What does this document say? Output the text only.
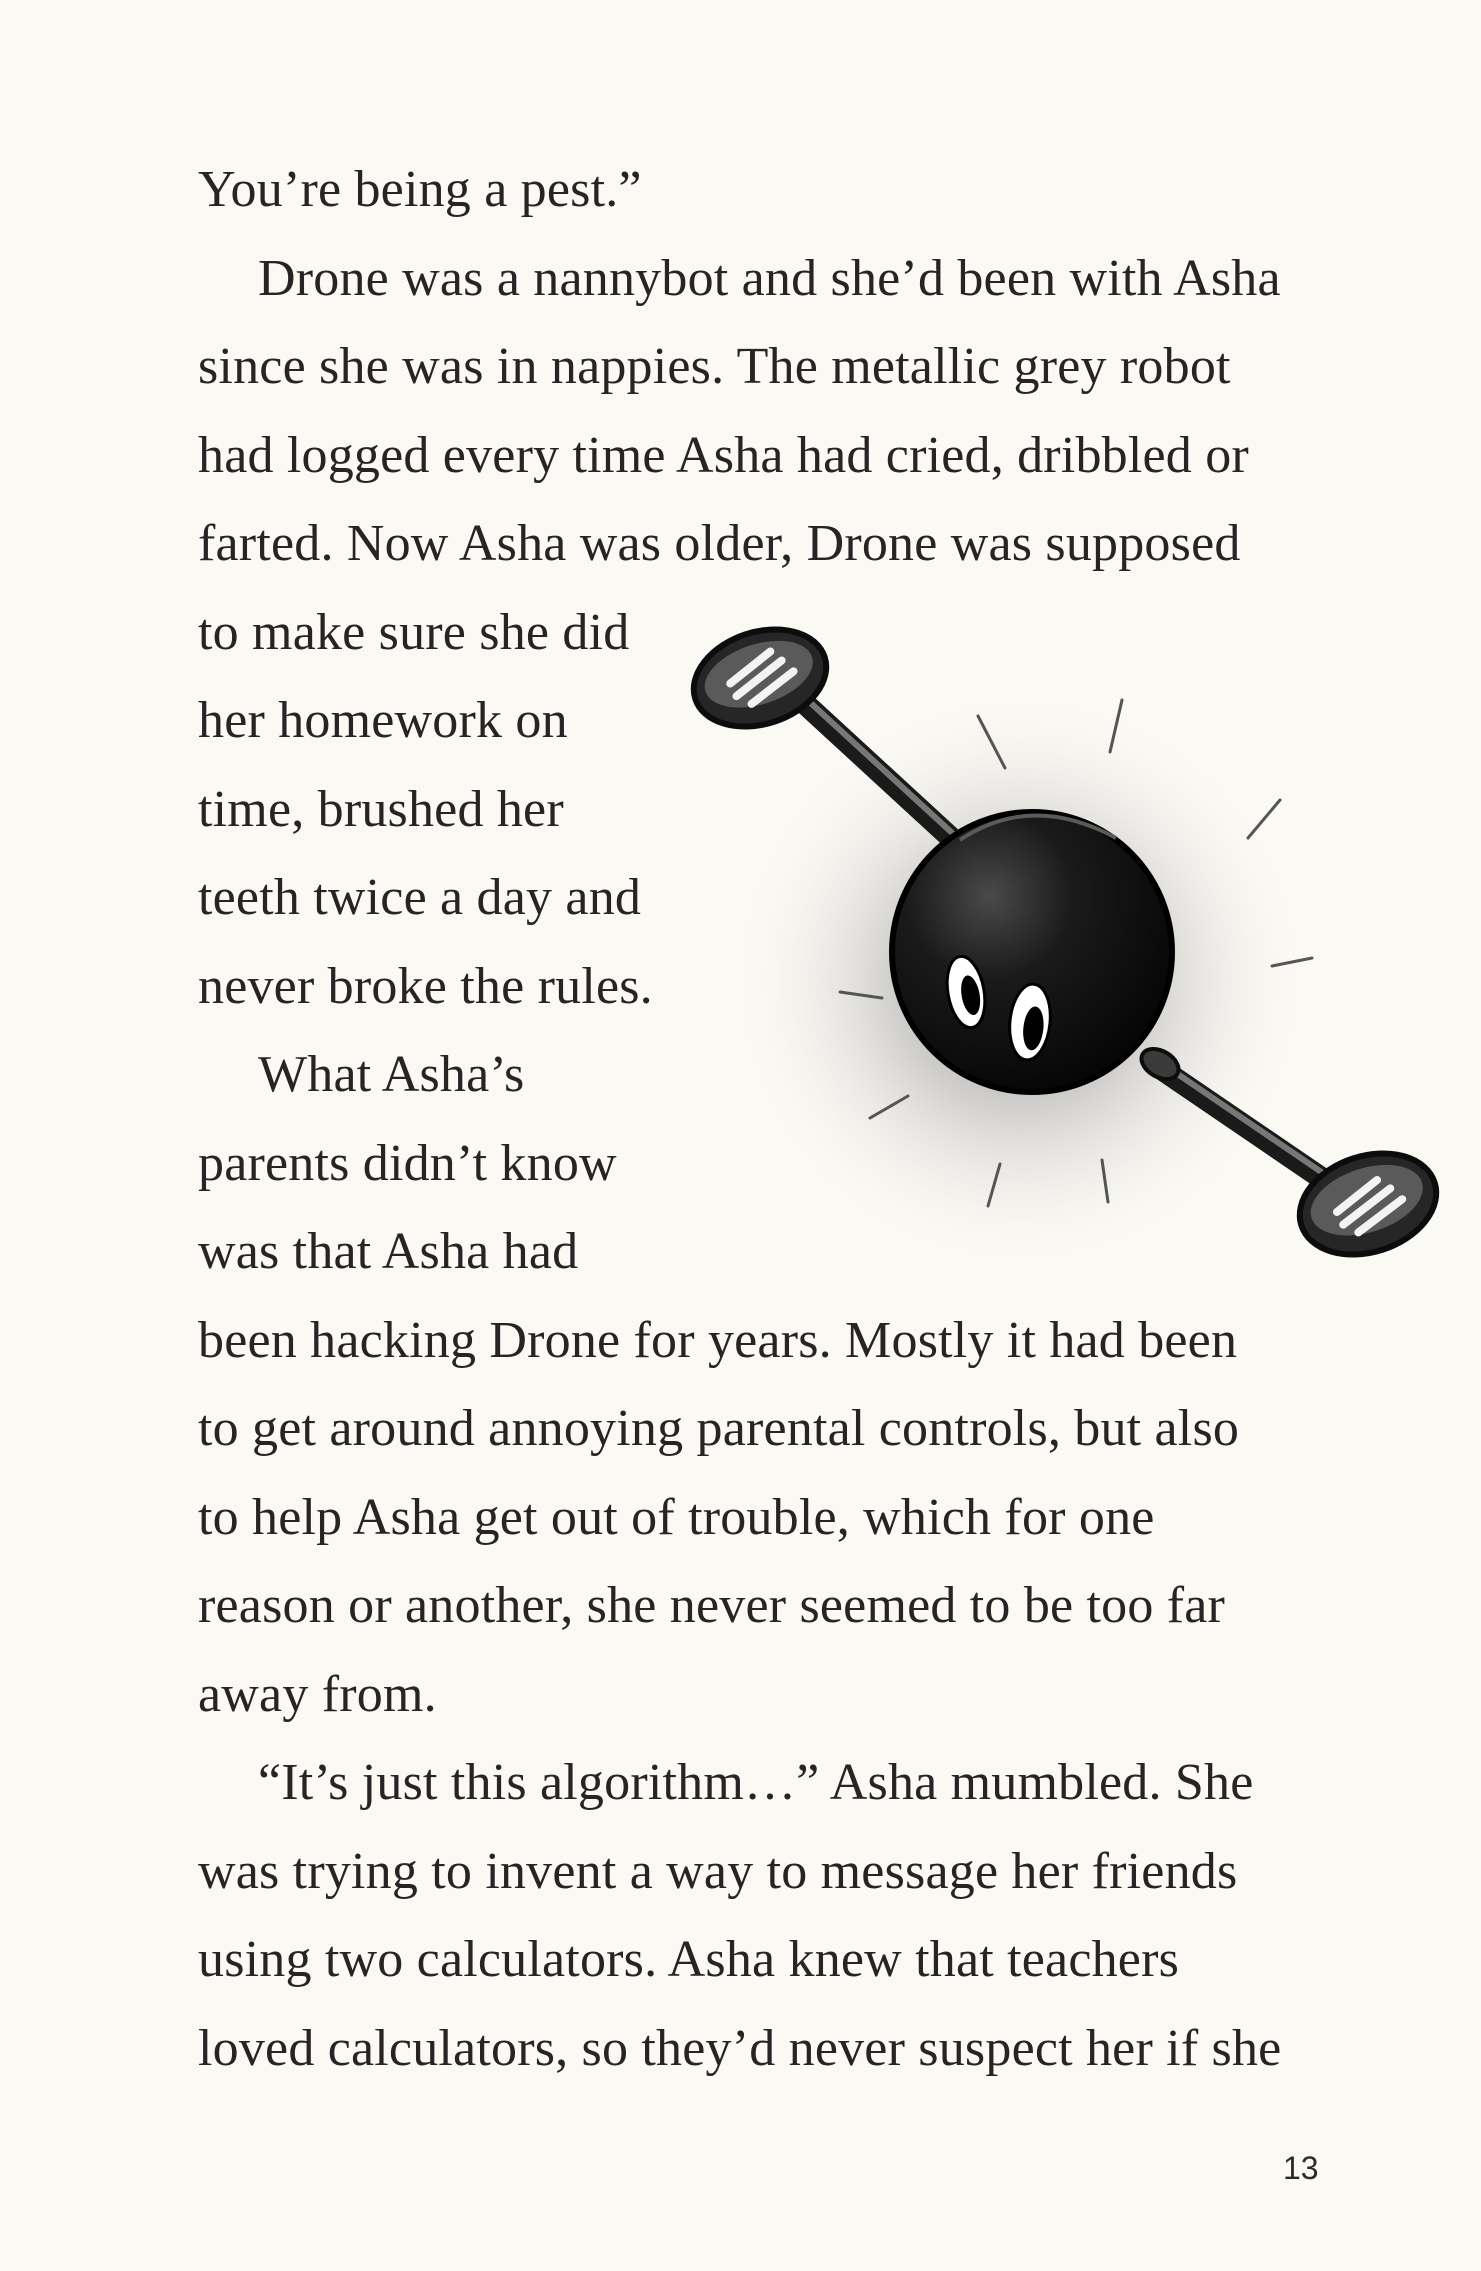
You’re being a pest.”
Drone was a nannybot and she’d been with Asha
since she was in nappies. The metallic grey robot
had logged every time Asha had cried, dribbled or
farted. Now Asha was older, Drone was supposed
to make sure she did
her homework on
time, brushed her
teeth twice a day and
never broke the rules.
What Asha’s
parents didn’t know
was that Asha had
been hacking Drone for years. Mostly it had been
to get around annoying parental controls, but also
to help Asha get out of trouble, which for one
reason or another, she never seemed to be too far
away from.
“It’s just this algorithm…” Asha mumbled. She
was trying to invent a way to message her friends
using two calculators. Asha knew that teachers
loved calculators, so they’d never suspect her if she
13
